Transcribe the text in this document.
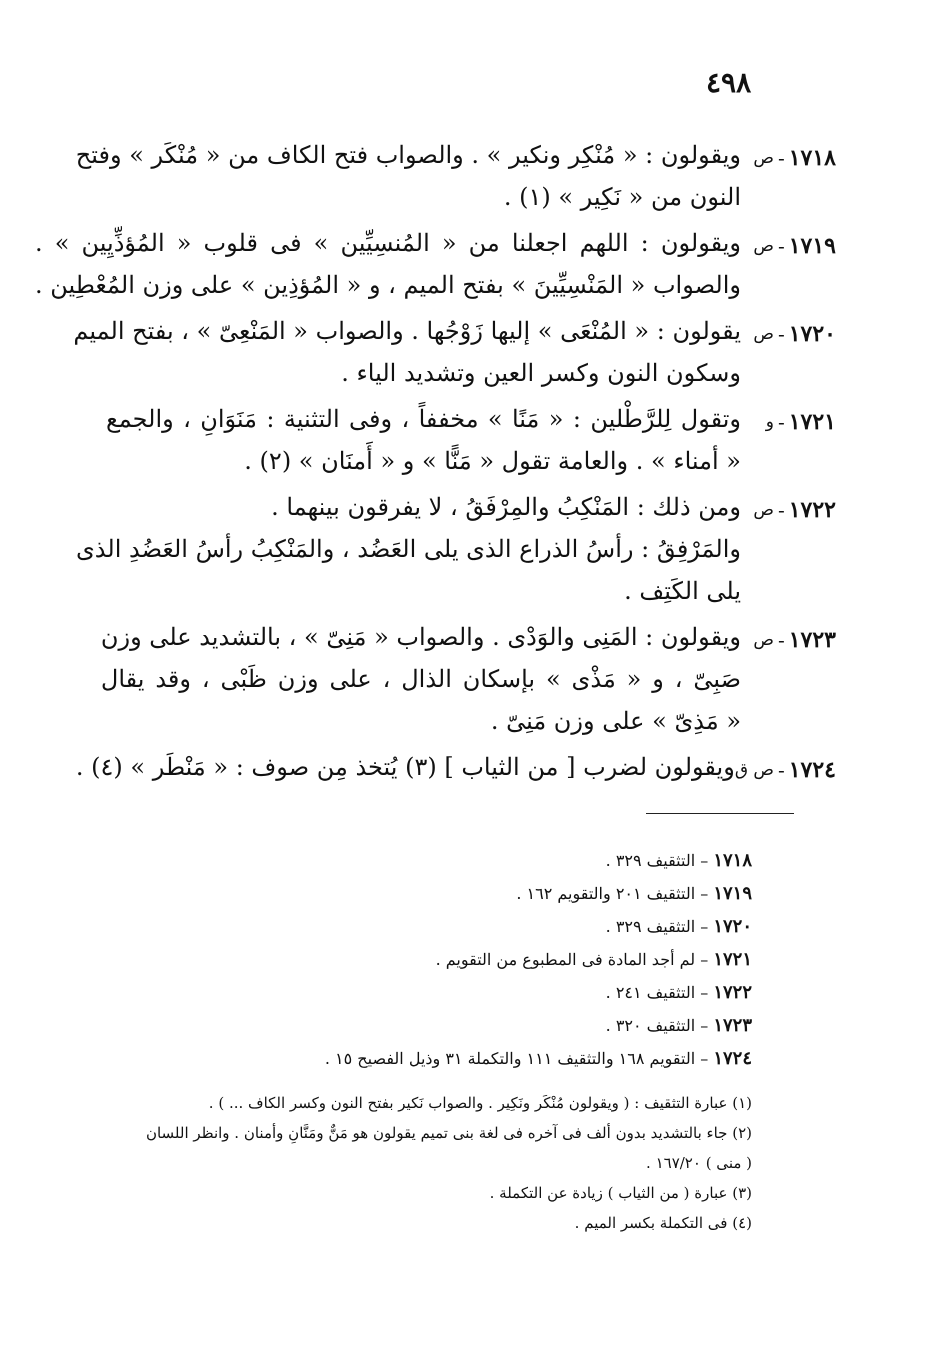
٤٩٨
١٧١٨
-
ص
ويقولون : « مُنْكِر ونكير » . والصواب فتح الكاف من « مُنْكَر » وفتح
النون من « نَكِير » (١) .
١٧١٩
-
ص
ويقولون : اللهم اجعلنا من « المُنسِيِّين » فى قلوب « المُؤذِّيِين » .
والصواب « المَنْسِيِّينَ » بفتح الميم ، و « المُؤذِين » على وزن المُعْطِين .
١٧٢٠
-
ص
يقولون : « المُنْعَى » إليها زَوْجُها . والصواب « المَنْعِىّ » ، بفتح الميم
وسكون النون وكسر العين وتشديد الياء .
١٧٢١
-
و
وتقول لِلرَّطْلين : « مَنًا » مخففاً ، وفى التثنية : مَنَوَانِ ، والجمع
« أمناء » . والعامة تقول « مَنًّا » و « أَمنَان » (٢) .
١٧٢٢
-
ص
ومن ذلك : المَنْكِبُ والمِرْفَقُ ، لا يفرقون بينهما .
والمَرْفِقُ : رأسُ الذراع الذى يلى العَضُد ، والمَنْكِبُ رأسُ العَضُدِ الذى
يلى الكَتِف .
١٧٢٣
-
ص
ويقولون : المَنِى والوَدْى . والصواب « مَنِىّ » ، بالتشديد على وزن
صَبِىّ ، و « مَذْى » بإسكان الذال ، على وزن ظَبْى ، وقد يقال
« مَذِىّ » على وزن مَنِىّ .
١٧٢٤
-
ص ق
ويقولون لضرب [ من الثياب ] (٣) يُتخذ مِن صوف : « مَنْطَر » (٤) .
١٧١٨ – التثقيف ٣٢٩ .
١٧١٩ – التثقيف ٢٠١ والتقويم ١٦٢ .
١٧٢٠ – التثقيف ٣٢٩ .
١٧٢١ – لم أجد المادة فى المطبوع من التقويم .
١٧٢٢ – التثقيف ٢٤١ .
١٧٢٣ – التثقيف ٣٢٠ .
١٧٢٤ – التقويم ١٦٨ والتثقيف ١١١ والتكملة ٣١ وذيل الفصيح ١٥ .
(١) عبارة التثقيف : ( ويقولون مُنْكَر ونَكِير . والصواب نَكير بفتح النون وكسر الكاف ... ) .
(٢) جاء بالتشديد بدون ألف فى آخره فى لغة بنى تميم يقولون هو مَنٌّ ومَنَّانِ وأمنان . وانظر اللسان
( منى ) ١٦٧/٢٠ .
(٣) عبارة ( من الثياب ) زيادة عن التكملة .
(٤) فى التكملة بكسر الميم .
